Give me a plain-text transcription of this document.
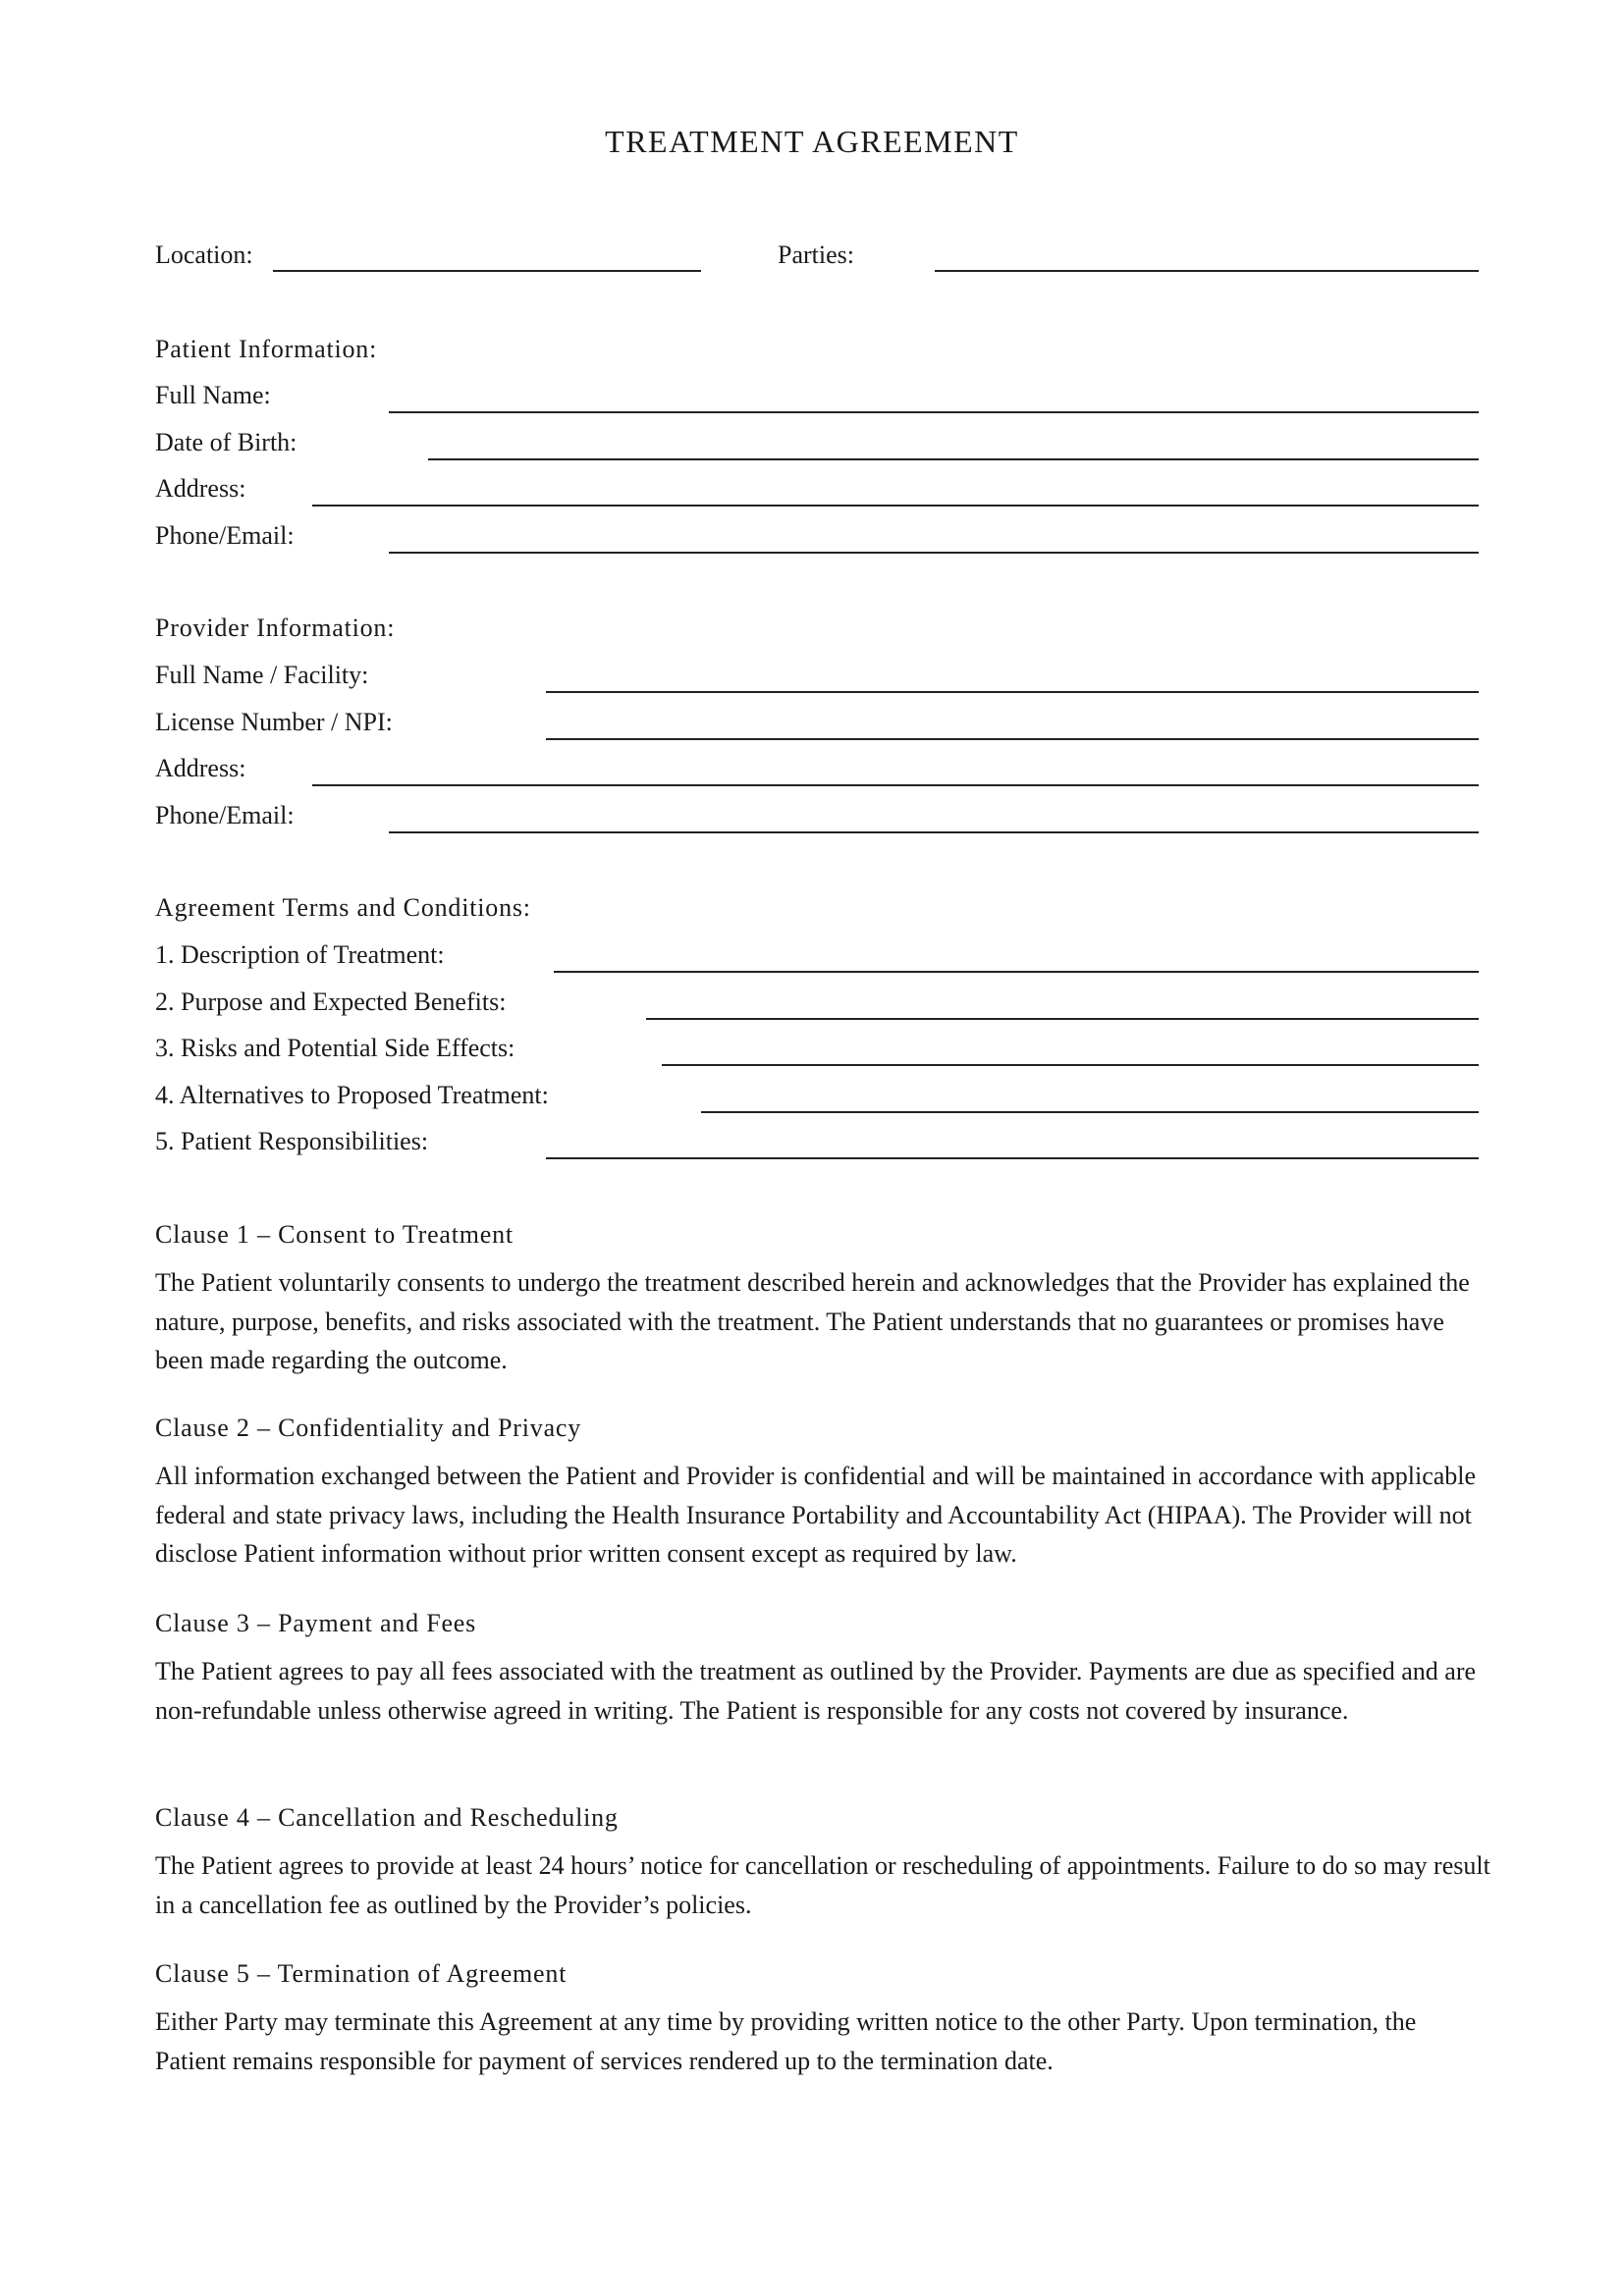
TREATMENT AGREEMENT
Location:	Parties:
Patient Information:
Full Name:
Date of Birth:
Address:
Phone/Email:
Provider Information:
Full Name / Facility:
License Number / NPI:
Address:
Phone/Email:
Agreement Terms and Conditions:
1. Description of Treatment:
2. Purpose and Expected Benefits:
3. Risks and Potential Side Effects:
4. Alternatives to Proposed Treatment:
5. Patient Responsibilities:
Clause 1 – Consent to Treatment

The Patient voluntarily consents to undergo the treatment described herein and acknowledges that the Provider has explained the nature, purpose, benefits, and risks associated with the treatment. The Patient understands that no guarantees or promises have been made regarding the outcome.

Clause 2 – Confidentiality and Privacy

All information exchanged between the Patient and Provider is confidential and will be maintained in accordance with applicable federal and state privacy laws, including the Health Insurance Portability and Accountability Act (HIPAA). The Provider will not disclose Patient information without prior written consent except as required by law.

Clause 3 – Payment and Fees

The Patient agrees to pay all fees associated with the treatment as outlined by the Provider. Payments are due as specified and are non-refundable unless otherwise agreed in writing. The Patient is responsible for any costs not covered by insurance.

Clause 4 – Cancellation and Rescheduling

The Patient agrees to provide at least 24 hours’ notice for cancellation or rescheduling of appointments. Failure to do so may result in a cancellation fee as outlined by the Provider’s policies.

Clause 5 – Termination of Agreement

Either Party may terminate this Agreement at any time by providing written notice to the other Party. Upon termination, the Patient remains responsible for payment of services rendered up to the termination date.
